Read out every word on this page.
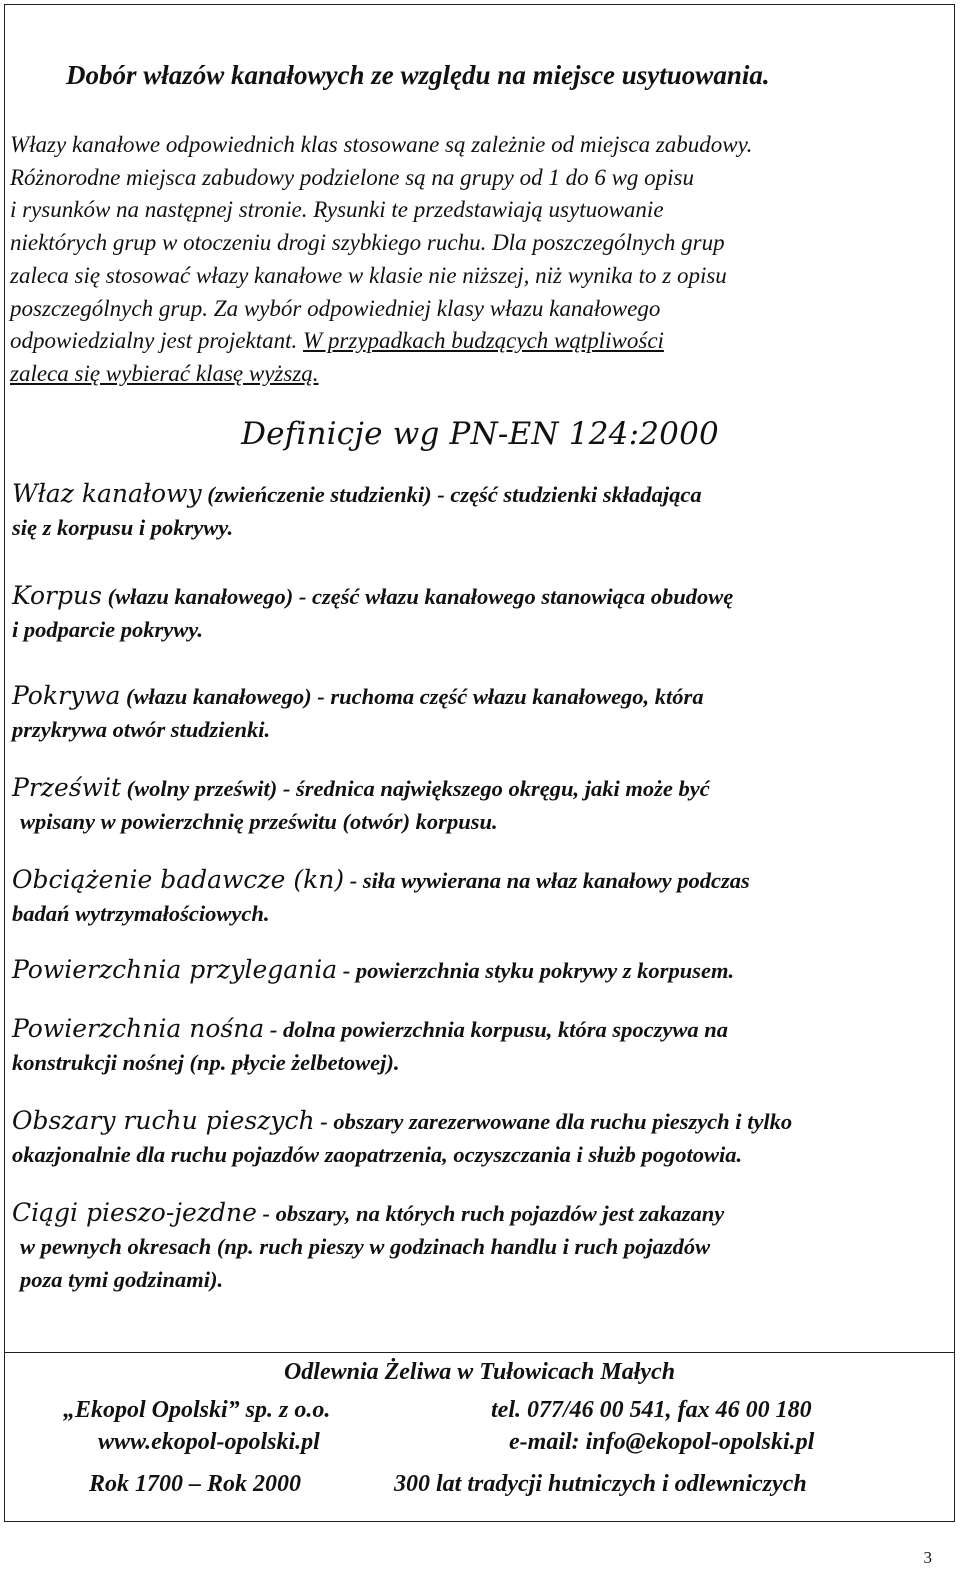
Dobór włazów kanałowych ze względu na miejsce usytuowania.
Włazy kanałowe odpowiednich klas stosowane są zależnie od miejsca zabudowy.
Różnorodne miejsca zabudowy podzielone są na grupy od 1 do 6 wg opisu
i rysunków na następnej stronie. Rysunki te przedstawiają usytuowanie
niektórych grup w otoczeniu drogi szybkiego ruchu. Dla poszczególnych grup
zaleca się stosować włazy kanałowe w klasie nie niższej, niż wynika to z opisu
poszczególnych grup. Za wybór odpowiedniej klasy włazu kanałowego
odpowiedzialny jest projektant. W przypadkach budzących wątpliwości
zaleca się wybierać klasę wyższą.
Definicje wg PN-EN 124:2000
Właz kanałowy (zwieńczenie studzienki) - część studzienki składająca
się z korpusu i pokrywy.
Korpus (włazu kanałowego) - część włazu kanałowego stanowiąca obudowę
i podparcie pokrywy.
Pokrywa (włazu kanałowego) - ruchoma część włazu kanałowego, która
przykrywa otwór studzienki.
Prześwit (wolny prześwit) - średnica największego okręgu, jaki może być
wpisany w powierzchnię prześwitu (otwór) korpusu.
Obciążenie badawcze (kn) - siła wywierana na właz kanałowy podczas
badań wytrzymałościowych.
Powierzchnia przylegania - powierzchnia styku pokrywy z korpusem.
Powierzchnia nośna - dolna powierzchnia korpusu, która spoczywa na
konstrukcji nośnej (np. płycie żelbetowej).
Obszary ruchu pieszych - obszary zarezerwowane dla ruchu pieszych i tylko
okazjonalnie dla ruchu pojazdów zaopatrzenia, oczyszczania i służb pogotowia.
Ciągi pieszo-jezdne - obszary, na których ruch pojazdów jest zakazany
w pewnych okresach (np. ruch pieszy w godzinach handlu i ruch pojazdów
poza tymi godzinami).
Odlewnia Żeliwa w Tułowicach Małych
„Ekopol Opolski” sp. z o.o.	tel. 077/46 00 541, fax 46 00 180
www.ekopol-opolski.pl	e-mail: info@ekopol-opolski.pl
Rok 1700 – Rok 2000	300 lat tradycji hutniczych i odlewniczych
3
